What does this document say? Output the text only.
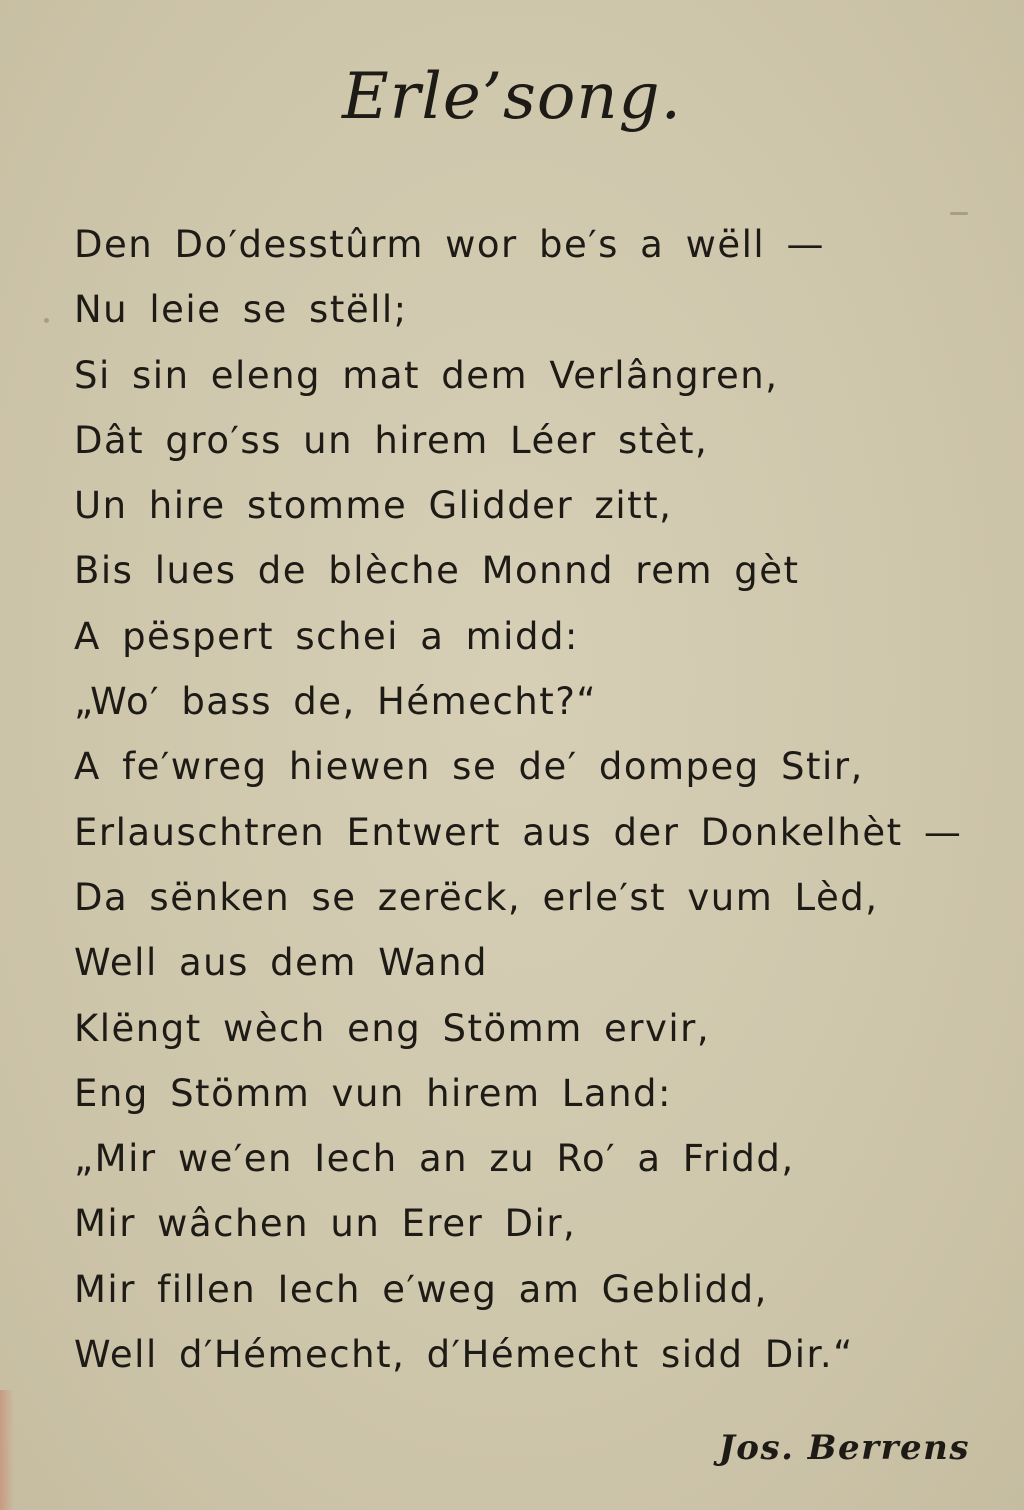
Erle’song.
Den Do′desstûrm wor be′s a wëll —
Nu leie se stëll;
Si sin eleng mat dem Verlângren,
Dât gro′ss un hirem Léer stèt,
Un hire stomme Glidder zitt,
Bis lues de blèche Monnd rem gèt
A pëspert schei a midd:
„Wo′ bass de, Hémecht?“
A fe′wreg hiewen se de′ dompeg Stir,
Erlauschtren Entwert aus der Donkelhèt —
Da sënken se zerëck, erle′st vum Lèd,
Well aus dem Wand
Klëngt wèch eng Stömm ervir,
Eng Stömm vun hirem Land:
„Mir we′en Iech an zu Ro′ a Fridd,
Mir wâchen un Erer Dir,
Mir fillen Iech e′weg am Geblidd,
Well d′Hémecht, d′Hémecht sidd Dir.“

Jos. Berrens
